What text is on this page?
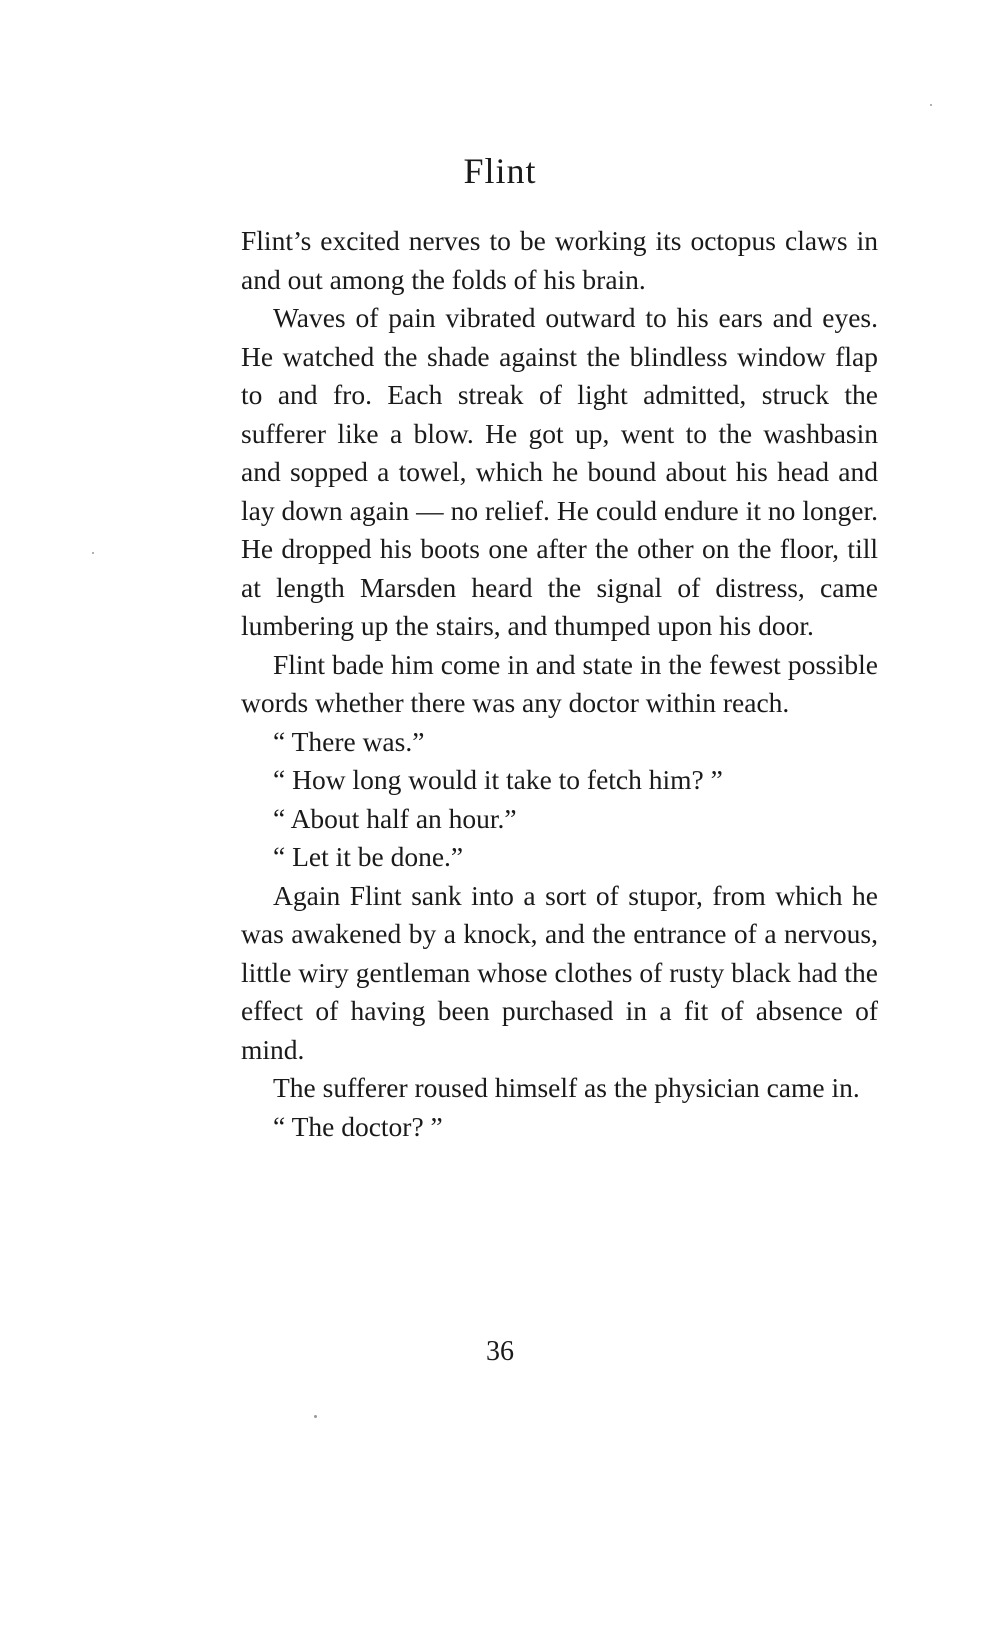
Flint

Flint’s excited nerves to be working its octopus claws in and out among the folds of his brain.

Waves of pain vibrated outward to his ears and eyes. He watched the shade against the blindless window flap to and fro. Each streak of light admitted, struck the sufferer like a blow. He got up, went to the washbasin and sopped a towel, which he bound about his head and lay down again — no relief. He could endure it no longer. He dropped his boots one after the other on the floor, till at length Marsden heard the signal of distress, came lumbering up the stairs, and thumped upon his door.

Flint bade him come in and state in the fewest possible words whether there was any doctor within reach.

“ There was.”

“ How long would it take to fetch him? ”

“ About half an hour.”

“ Let it be done.”

Again Flint sank into a sort of stupor, from which he was awakened by a knock, and the entrance of a nervous, little wiry gentleman whose clothes of rusty black had the effect of having been purchased in a fit of absence of mind.

The sufferer roused himself as the physician came in.

“ The doctor? ”

36
